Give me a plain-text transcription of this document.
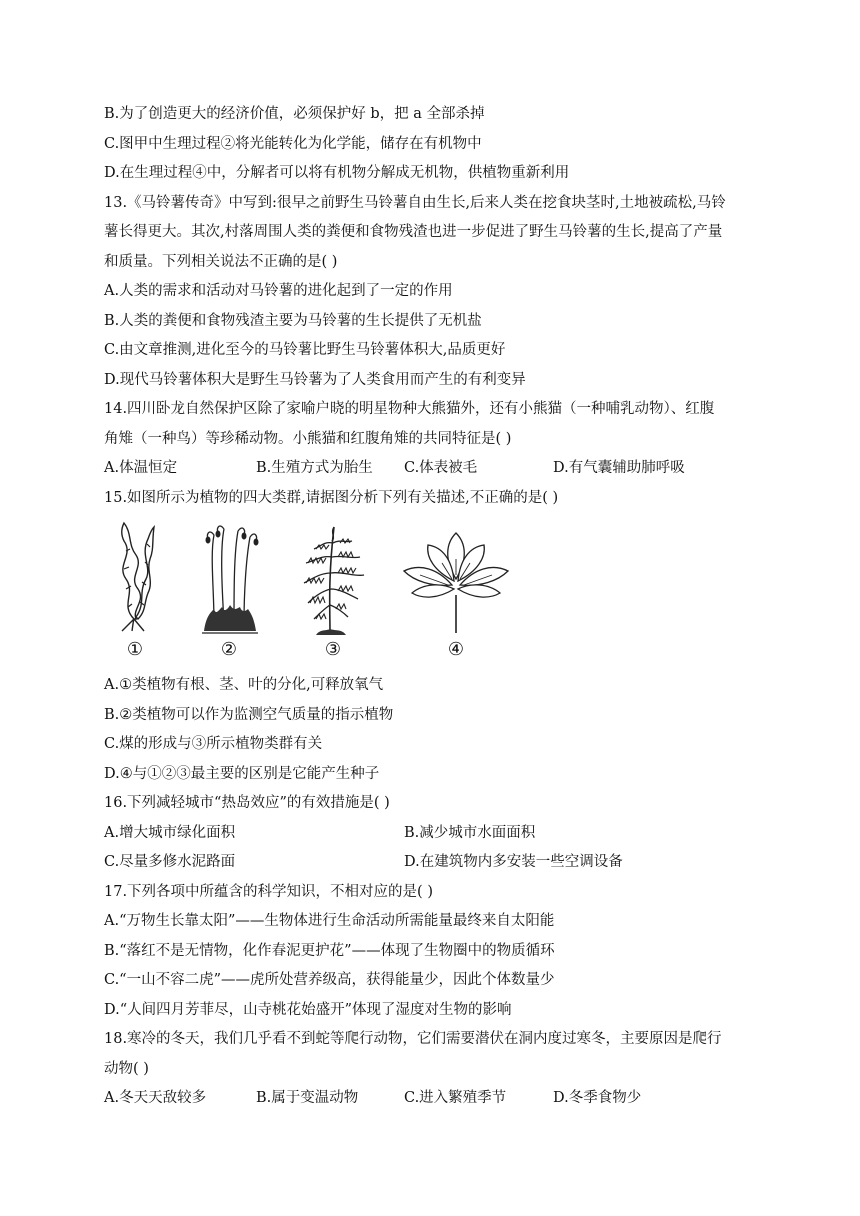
B.为了创造更大的经济价值，必须保护好 b，把 a 全部杀掉
C.图甲中生理过程②将光能转化为化学能，储存在有机物中
D.在生理过程④中，分解者可以将有机物分解成无机物，供植物重新利用
13.《马铃薯传奇》中写到:很早之前野生马铃薯自由生长,后来人类在挖食块茎时,土地被疏松,马铃
薯长得更大。其次,村落周围人类的粪便和食物残渣也进一步促进了野生马铃薯的生长,提高了产量
和质量。下列相关说法不正确的是( )
A.人类的需求和活动对马铃薯的进化起到了一定的作用
B.人类的粪便和食物残渣主要为马铃薯的生长提供了无机盐
C.由文章推测,进化至今的马铃薯比野生马铃薯体积大,品质更好
D.现代马铃薯体积大是野生马铃薯为了人类食用而产生的有利变异
14.四川卧龙自然保护区除了家喻户晓的明星物种大熊猫外，还有小熊猫（一种哺乳动物）、红腹
角雉（一种鸟）等珍稀动物。小熊猫和红腹角雉的共同特征是( )
A.体温恒定	B.生殖方式为胎生 C.体表被毛	D.有气囊辅助肺呼吸
15.如图所示为植物的四大类群,请据图分析下列有关描述,不正确的是( )
①	②	③	④
A.①类植物有根、茎、叶的分化,可释放氧气
B.②类植物可以作为监测空气质量的指示植物
C.煤的形成与③所示植物类群有关
D.④与①②③最主要的区别是它能产生种子
16.下列减轻城市“热岛效应”的有效措施是( )
A.增大城市绿化面积	B.减少城市水面面积
C.尽量多修水泥路面	D.在建筑物内多安装一些空调设备
17.下列各项中所蕴含的科学知识，不相对应的是( )
A.“万物生长靠太阳”——生物体进行生命活动所需能量最终来自太阳能
B.“落红不是无情物，化作春泥更护花”——体现了生物圈中的物质循环
C.“一山不容二虎”——虎所处营养级高，获得能量少，因此个体数量少
D.“人间四月芳菲尽，山寺桃花始盛开”体现了湿度对生物的影响
18.寒冷的冬天，我们几乎看不到蛇等爬行动物，它们需要潜伏在洞内度过寒冬，主要原因是爬行
动物( )
A.冬天天敌较多	B.属于变温动物	C.进入繁殖季节	D.冬季食物少
